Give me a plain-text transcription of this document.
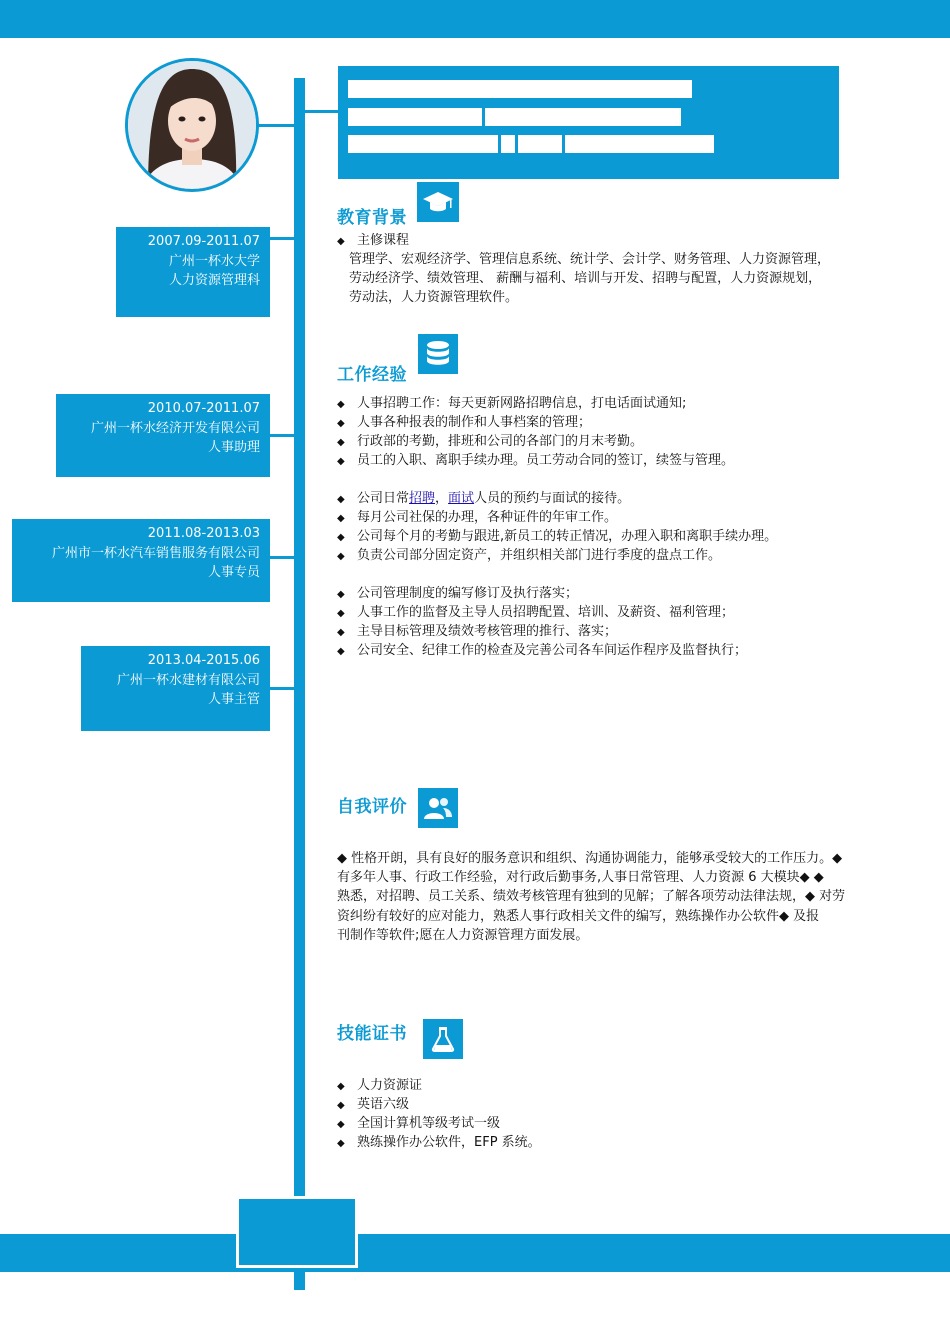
2007.09-2011.07
广州一杯水大学
人力资源管理科
2010.07-2011.07
广州一杯水经济开发有限公司
人事助理
2011.08-2013.03
广州市一杯水汽车销售服务有限公司
人事专员
2013.04-2015.06
广州一杯水建材有限公司
人事主管
教育背景
◆ 主修课程
管理学、宏观经济学、管理信息系统、统计学、会计学、财务管理、人力资源管理，
劳动经济学、绩效管理、 薪酬与福利、培训与开发、招聘与配置，人力资源规划，
劳动法，人力资源管理软件。
工作经验
◆ 人事招聘工作：每天更新网路招聘信息，打电话面试通知;
◆ 人事各种报表的制作和人事档案的管理；
◆ 行政部的考勤，排班和公司的各部门的月末考勤。
◆ 员工的入职、离职手续办理。员工劳动合同的签订，续签与管理。
◆ 公司日常招聘，面试人员的预约与面试的接待。
◆ 每月公司社保的办理，各种证件的年审工作。
◆ 公司每个月的考勤与跟进,新员工的转正情况，办理入职和离职手续办理。
◆ 负责公司部分固定资产，并组织相关部门进行季度的盘点工作。
◆ 公司管理制度的编写修订及执行落实；
◆ 人事工作的监督及主导人员招聘配置、培训、及薪资、福利管理；
◆ 主导目标管理及绩效考核管理的推行、落实；
◆ 公司安全、纪律工作的检查及完善公司各车间运作程序及监督执行；
自我评价
◆ 性格开朗，具有良好的服务意识和组织、沟通协调能力，能够承受较大的工作压力。◆
有多年人事、行政工作经验，对行政后勤事务,人事日常管理、人力资源 6 大模块◆ ◆
熟悉，对招聘、员工关系、绩效考核管理有独到的见解；了解各项劳动法律法规，◆ 对劳
资纠纷有较好的应对能力，熟悉人事行政相关文件的编写，熟练操作办公软件◆ 及报
刊制作等软件;愿在人力资源管理方面发展。
技能证书
◆ 人力资源证
◆ 英语六级
◆ 全国计算机等级考试一级
◆ 熟练操作办公软件，EFP 系统。
